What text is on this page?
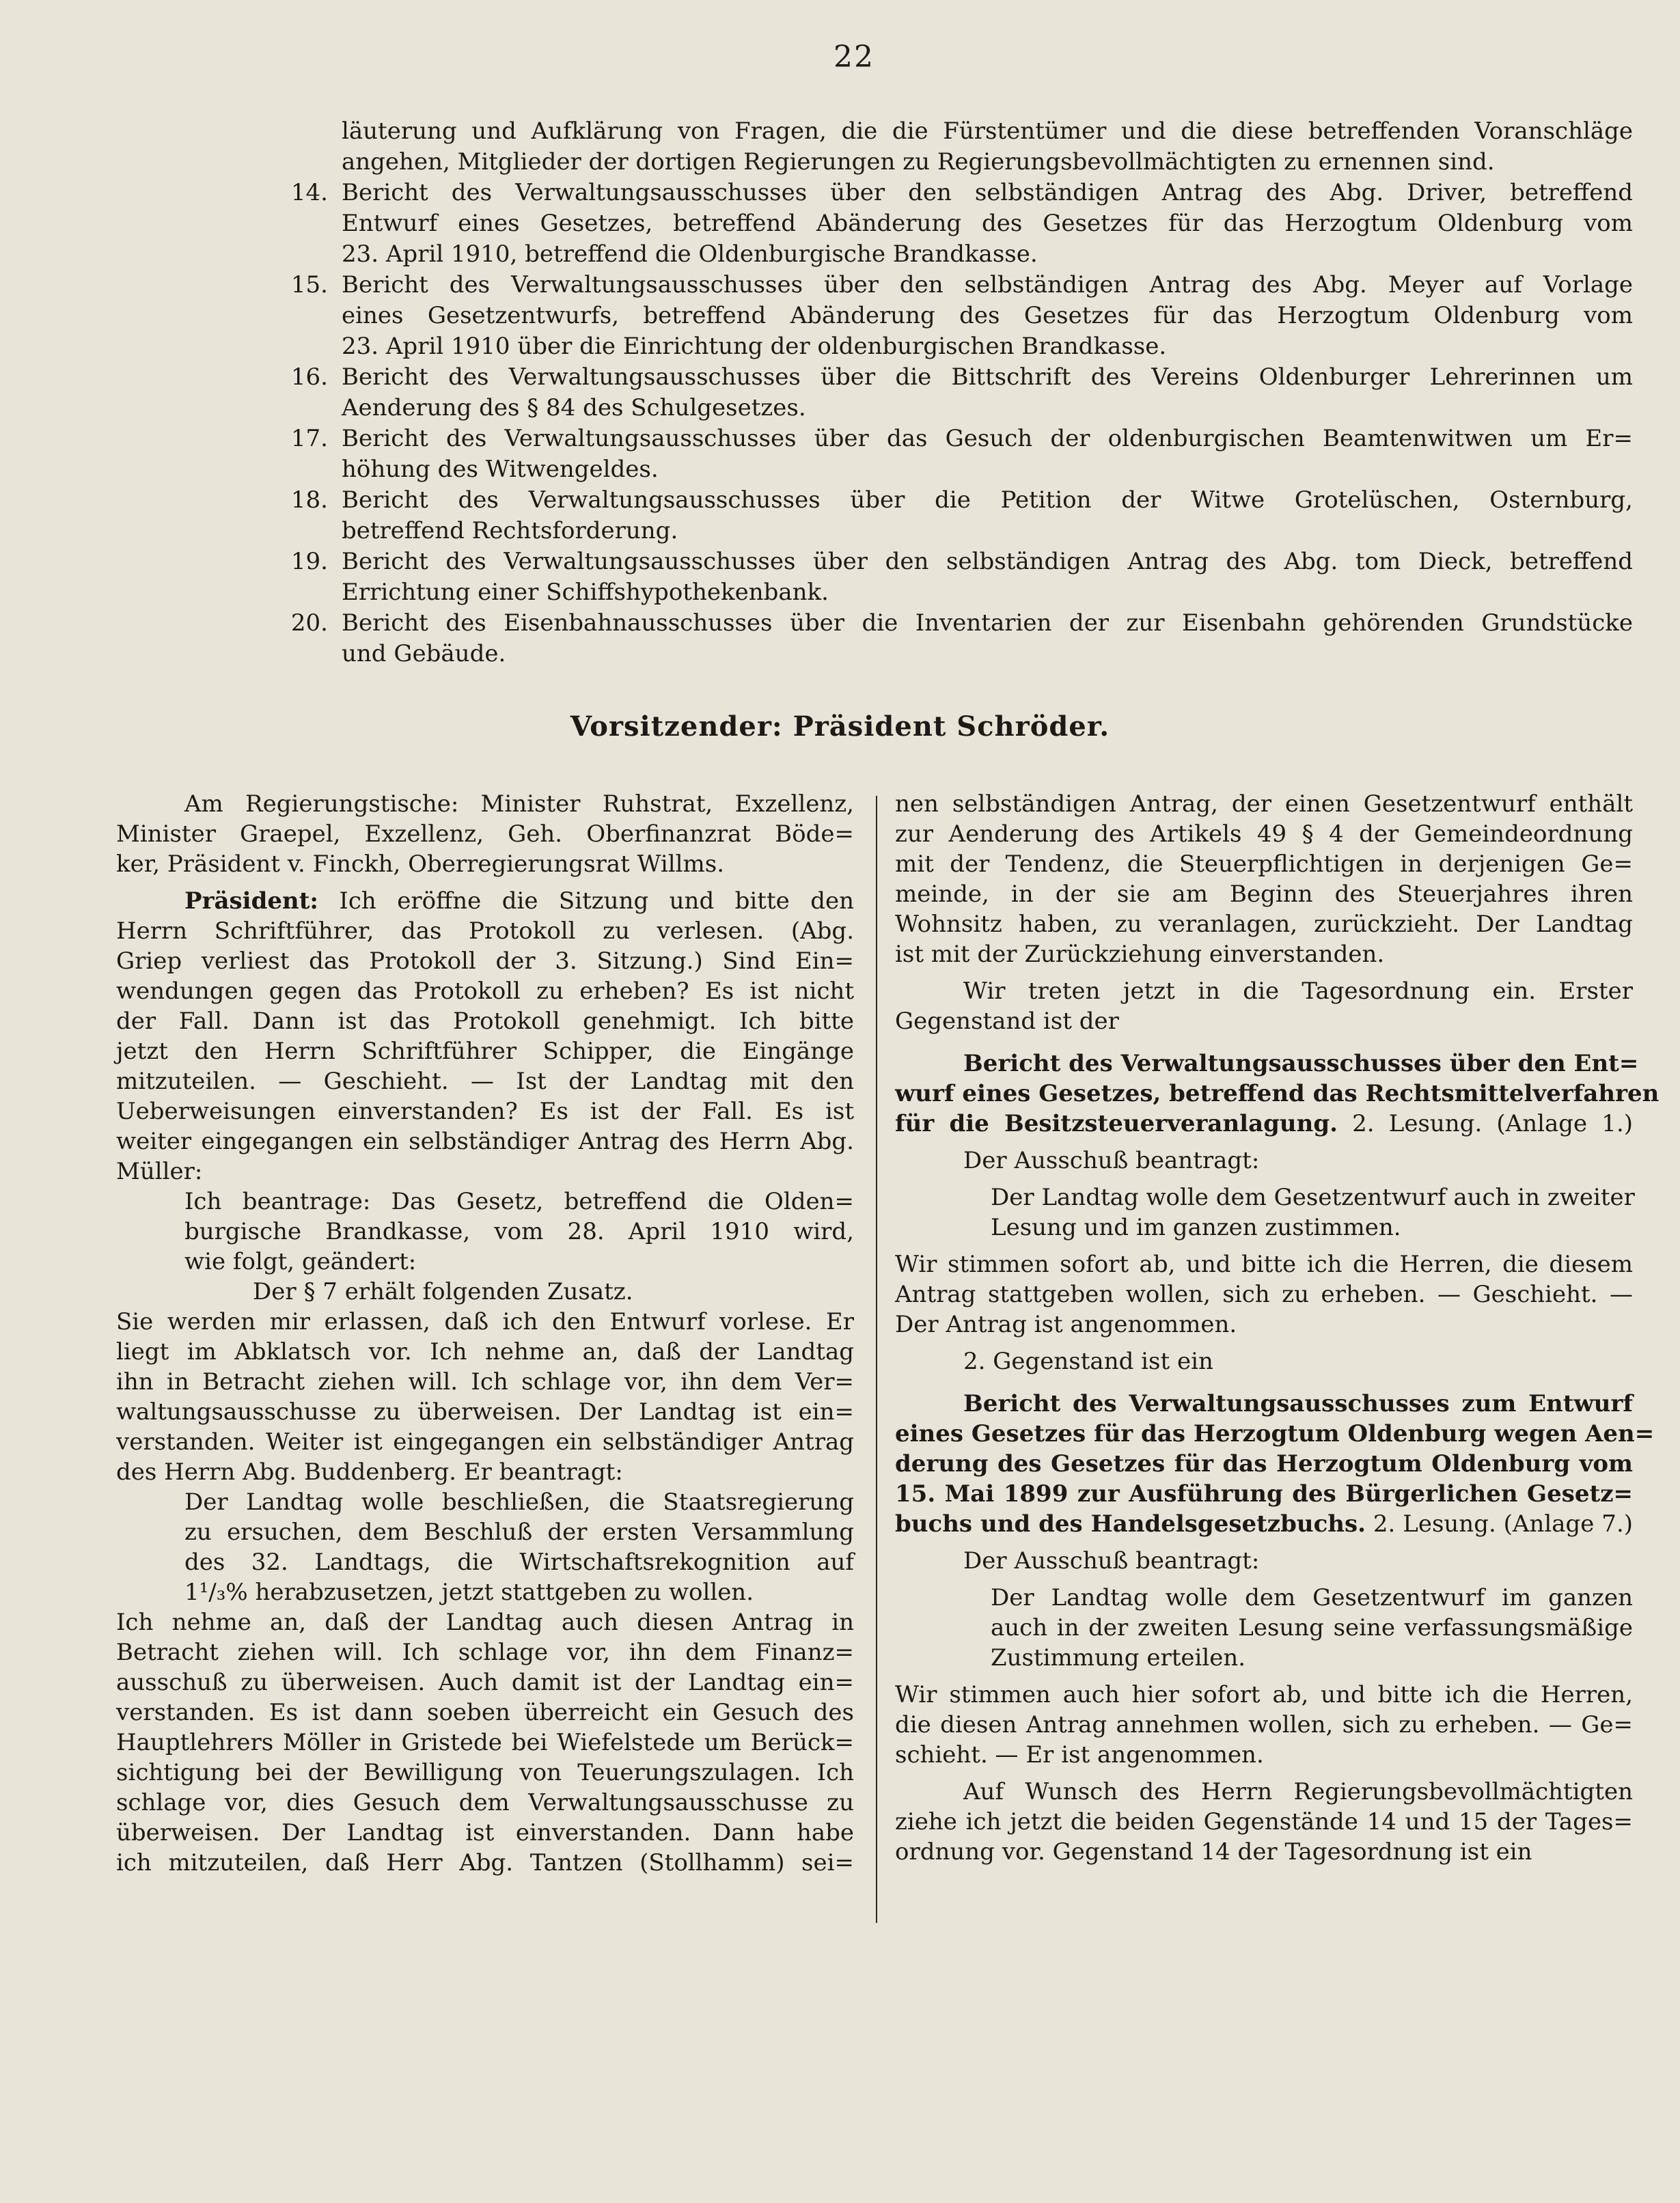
22
läuterung und Aufklärung von Fragen, die die Fürstentümer und die diese betreffenden Voranschläge
angehen, Mitglieder der dortigen Regierungen zu Regierungsbevollmächtigten zu ernennen sind.
14. Bericht des Verwaltungsausschusses über den selbständigen Antrag des Abg. Driver, betreffend
Entwurf eines Gesetzes, betreffend Abänderung des Gesetzes für das Herzogtum Oldenburg vom
23. April 1910, betreffend die Oldenburgische Brandkasse.
15. Bericht des Verwaltungsausschusses über den selbständigen Antrag des Abg. Meyer auf Vorlage
eines Gesetzentwurfs, betreffend Abänderung des Gesetzes für das Herzogtum Oldenburg vom
23. April 1910 über die Einrichtung der oldenburgischen Brandkasse.
16. Bericht des Verwaltungsausschusses über die Bittschrift des Vereins Oldenburger Lehrerinnen um
Aenderung des § 84 des Schulgesetzes.
17. Bericht des Verwaltungsausschusses über das Gesuch der oldenburgischen Beamtenwitwen um Er=
höhung des Witwengeldes.
18. Bericht des Verwaltungsausschusses über die Petition der Witwe Grotelüschen, Osternburg,
betreffend Rechtsforderung.
19. Bericht des Verwaltungsausschusses über den selbständigen Antrag des Abg. tom Dieck, betreffend
Errichtung einer Schiffshypothekenbank.
20. Bericht des Eisenbahnausschusses über die Inventarien der zur Eisenbahn gehörenden Grundstücke
und Gebäude.
Vorsitzender: Präsident Schröder.
Am Regierungstische: Minister Ruhstrat, Exzellenz,
Minister Graepel, Exzellenz, Geh. Oberfinanzrat Böde=
ker, Präsident v. Finckh, Oberregierungsrat Willms.
Präsident: Ich eröffne die Sitzung und bitte den
Herrn Schriftführer, das Protokoll zu verlesen. (Abg.
Griep verliest das Protokoll der 3. Sitzung.) Sind Ein=
wendungen gegen das Protokoll zu erheben? Es ist nicht
der Fall. Dann ist das Protokoll genehmigt. Ich bitte
jetzt den Herrn Schriftführer Schipper, die Eingänge
mitzuteilen. — Geschieht. — Ist der Landtag mit den
Ueberweisungen einverstanden? Es ist der Fall. Es ist
weiter eingegangen ein selbständiger Antrag des Herrn Abg.
Müller:
Ich beantrage: Das Gesetz, betreffend die Olden=
burgische Brandkasse, vom 28. April 1910 wird,
wie folgt, geändert:
Der § 7 erhält folgenden Zusatz.
Sie werden mir erlassen, daß ich den Entwurf vorlese. Er
liegt im Abklatsch vor. Ich nehme an, daß der Landtag
ihn in Betracht ziehen will. Ich schlage vor, ihn dem Ver=
waltungsausschusse zu überweisen. Der Landtag ist ein=
verstanden. Weiter ist eingegangen ein selbständiger Antrag
des Herrn Abg. Buddenberg. Er beantragt:
Der Landtag wolle beschließen, die Staatsregierung
zu ersuchen, dem Beschluß der ersten Versammlung
des 32. Landtags, die Wirtschaftsrekognition auf
1¹/₃% herabzusetzen, jetzt stattgeben zu wollen.
Ich nehme an, daß der Landtag auch diesen Antrag in
Betracht ziehen will. Ich schlage vor, ihn dem Finanz=
ausschuß zu überweisen. Auch damit ist der Landtag ein=
verstanden. Es ist dann soeben überreicht ein Gesuch des
Hauptlehrers Möller in Gristede bei Wiefelstede um Berück=
sichtigung bei der Bewilligung von Teuerungszulagen. Ich
schlage vor, dies Gesuch dem Verwaltungsausschusse zu
überweisen. Der Landtag ist einverstanden. Dann habe
ich mitzuteilen, daß Herr Abg. Tantzen (Stollhamm) sei=
nen selbständigen Antrag, der einen Gesetzentwurf enthält
zur Aenderung des Artikels 49 § 4 der Gemeindeordnung
mit der Tendenz, die Steuerpflichtigen in derjenigen Ge=
meinde, in der sie am Beginn des Steuerjahres ihren
Wohnsitz haben, zu veranlagen, zurückzieht. Der Landtag
ist mit der Zurückziehung einverstanden.
Wir treten jetzt in die Tagesordnung ein. Erster
Gegenstand ist der
Bericht des Verwaltungsausschusses über den Ent=
wurf eines Gesetzes, betreffend das Rechtsmittelverfahren
für die Besitzsteuerveranlagung. 2. Lesung. (Anlage 1.)
Der Ausschuß beantragt:
Der Landtag wolle dem Gesetzentwurf auch in zweiter
Lesung und im ganzen zustimmen.
Wir stimmen sofort ab, und bitte ich die Herren, die diesem
Antrag stattgeben wollen, sich zu erheben. — Geschieht. —
Der Antrag ist angenommen.
2. Gegenstand ist ein
Bericht des Verwaltungsausschusses zum Entwurf
eines Gesetzes für das Herzogtum Oldenburg wegen Aen=
derung des Gesetzes für das Herzogtum Oldenburg vom
15. Mai 1899 zur Ausführung des Bürgerlichen Gesetz=
buchs und des Handelsgesetzbuchs. 2. Lesung. (Anlage 7.)
Der Ausschuß beantragt:
Der Landtag wolle dem Gesetzentwurf im ganzen
auch in der zweiten Lesung seine verfassungsmäßige
Zustimmung erteilen.
Wir stimmen auch hier sofort ab, und bitte ich die Herren,
die diesen Antrag annehmen wollen, sich zu erheben. — Ge=
schieht. — Er ist angenommen.
Auf Wunsch des Herrn Regierungsbevollmächtigten
ziehe ich jetzt die beiden Gegenstände 14 und 15 der Tages=
ordnung vor. Gegenstand 14 der Tagesordnung ist ein
